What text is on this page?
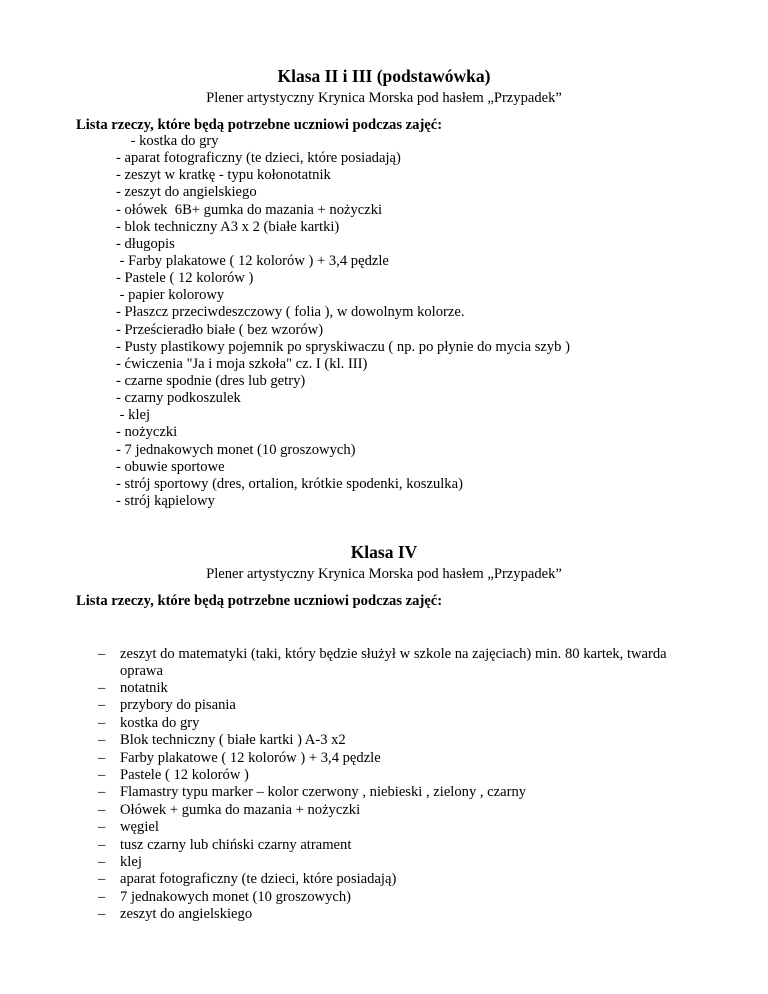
Klasa II i III (podstawówka)
Plener artystyczny Krynica Morska pod hasłem „Przypadek”
Lista rzeczy, które będą potrzebne uczniowi podczas zajęć:
- kostka do gry
- aparat fotograficzny (te dzieci, które posiadają)
- zeszyt w kratkę - typu kołonotatnik
- zeszyt do angielskiego
- ołówek  6B+ gumka do mazania + nożyczki
- blok techniczny A3 x 2 (białe kartki)
- długopis
- Farby plakatowe ( 12 kolorów ) + 3,4 pędzle
- Pastele ( 12 kolorów )
- papier kolorowy
- Płaszcz przeciwdeszczowy ( folia ), w dowolnym kolorze.
- Prześcieradło białe ( bez wzorów)
- Pusty plastikowy pojemnik po spryskiwaczu ( np. po płynie do mycia szyb )
- ćwiczenia "Ja i moja szkoła" cz. I (kl. III)
- czarne spodnie (dres lub getry)
- czarny podkoszulek
- klej
- nożyczki
- 7 jednakowych monet (10 groszowych)
- obuwie sportowe
- strój sportowy (dres, ortalion, krótkie spodenki, koszulka)
- strój kąpielowy
Klasa IV
Plener artystyczny Krynica Morska pod hasłem „Przypadek”
Lista rzeczy, które będą potrzebne uczniowi podczas zajęć:
–	zeszyt do matematyki (taki, który będzie służył w szkole na zajęciach) min. 80 kartek, twarda oprawa
–	notatnik
–	przybory do pisania
–	kostka do gry
–	Blok techniczny ( białe kartki ) A-3 x2
–	Farby plakatowe ( 12 kolorów ) + 3,4 pędzle
–	Pastele ( 12 kolorów )
–	Flamastry typu marker – kolor czerwony , niebieski , zielony , czarny
–	Ołówek + gumka do mazania + nożyczki
–	węgiel
–	tusz czarny lub chiński czarny atrament
–	klej
–	aparat fotograficzny (te dzieci, które posiadają)
–	7 jednakowych monet (10 groszowych)
–	zeszyt do angielskiego
